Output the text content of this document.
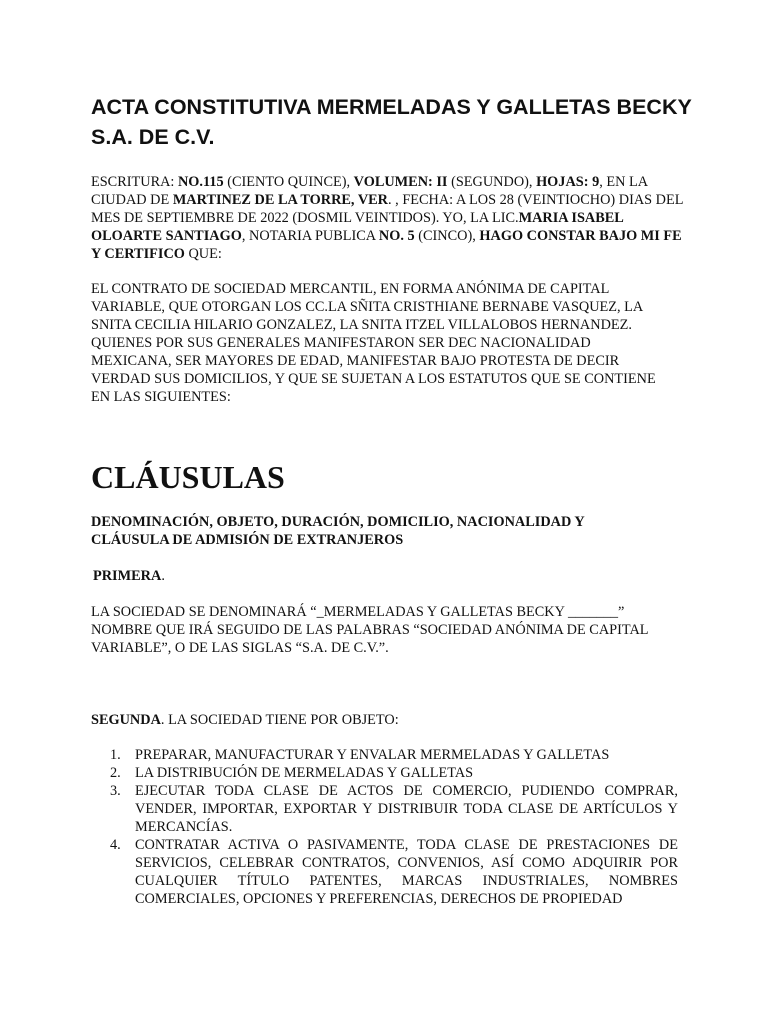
ACTA CONSTITUTIVA MERMELADAS Y GALLETAS BECKY S.A. DE C.V.

ESCRITURA: NO.115 (CIENTO QUINCE), VOLUMEN: II (SEGUNDO), HOJAS: 9, EN LA CIUDAD DE MARTINEZ DE LA TORRE, VER. , FECHA: A LOS 28 (VEINTIOCHO) DIAS DEL MES DE SEPTIEMBRE DE 2022 (DOSMIL VEINTIDOS). YO, LA LIC.MARIA ISABEL OLOARTE SANTIAGO, NOTARIA PUBLICA NO. 5 (CINCO), HAGO CONSTAR BAJO MI FE Y CERTIFICO QUE:

EL CONTRATO DE SOCIEDAD MERCANTIL, EN FORMA ANÓNIMA DE CAPITAL VARIABLE, QUE OTORGAN LOS CC.LA SÑITA CRISTHIANE BERNABE VASQUEZ, LA SNITA CECILIA HILARIO GONZALEZ, LA SNITA ITZEL VILLALOBOS HERNANDEZ. QUIENES POR SUS GENERALES MANIFESTARON SER DEC NACIONALIDAD MEXICANA, SER MAYORES DE EDAD, MANIFESTAR BAJO PROTESTA DE DECIR VERDAD SUS DOMICILIOS, Y QUE SE SUJETAN A LOS ESTATUTOS QUE SE CONTIENE EN LAS SIGUIENTES:

CLÁUSULAS

DENOMINACIÓN, OBJETO, DURACIÓN, DOMICILIO, NACIONALIDAD Y CLÁUSULA DE ADMISIÓN DE EXTRANJEROS

PRIMERA.

LA SOCIEDAD SE DENOMINARÁ “_MERMELADAS Y GALLETAS BECKY _______” NOMBRE QUE IRÁ SEGUIDO DE LAS PALABRAS “SOCIEDAD ANÓNIMA DE CAPITAL VARIABLE”, O DE LAS SIGLAS “S.A. DE C.V.”.

SEGUNDA. LA SOCIEDAD TIENE POR OBJETO:

1. PREPARAR, MANUFACTURAR Y ENVALAR MERMELADAS Y GALLETAS
2. LA DISTRIBUCIÓN DE MERMELADAS Y GALLETAS
3. EJECUTAR TODA CLASE DE ACTOS DE COMERCIO, PUDIENDO COMPRAR, VENDER, IMPORTAR, EXPORTAR Y DISTRIBUIR TODA CLASE DE ARTÍCULOS Y MERCANCÍAS.
4. CONTRATAR ACTIVA O PASIVAMENTE, TODA CLASE DE PRESTACIONES DE SERVICIOS, CELEBRAR CONTRATOS, CONVENIOS, ASÍ COMO ADQUIRIR POR CUALQUIER TÍTULO PATENTES, MARCAS INDUSTRIALES, NOMBRES COMERCIALES, OPCIONES Y PREFERENCIAS, DERECHOS DE PROPIEDAD
